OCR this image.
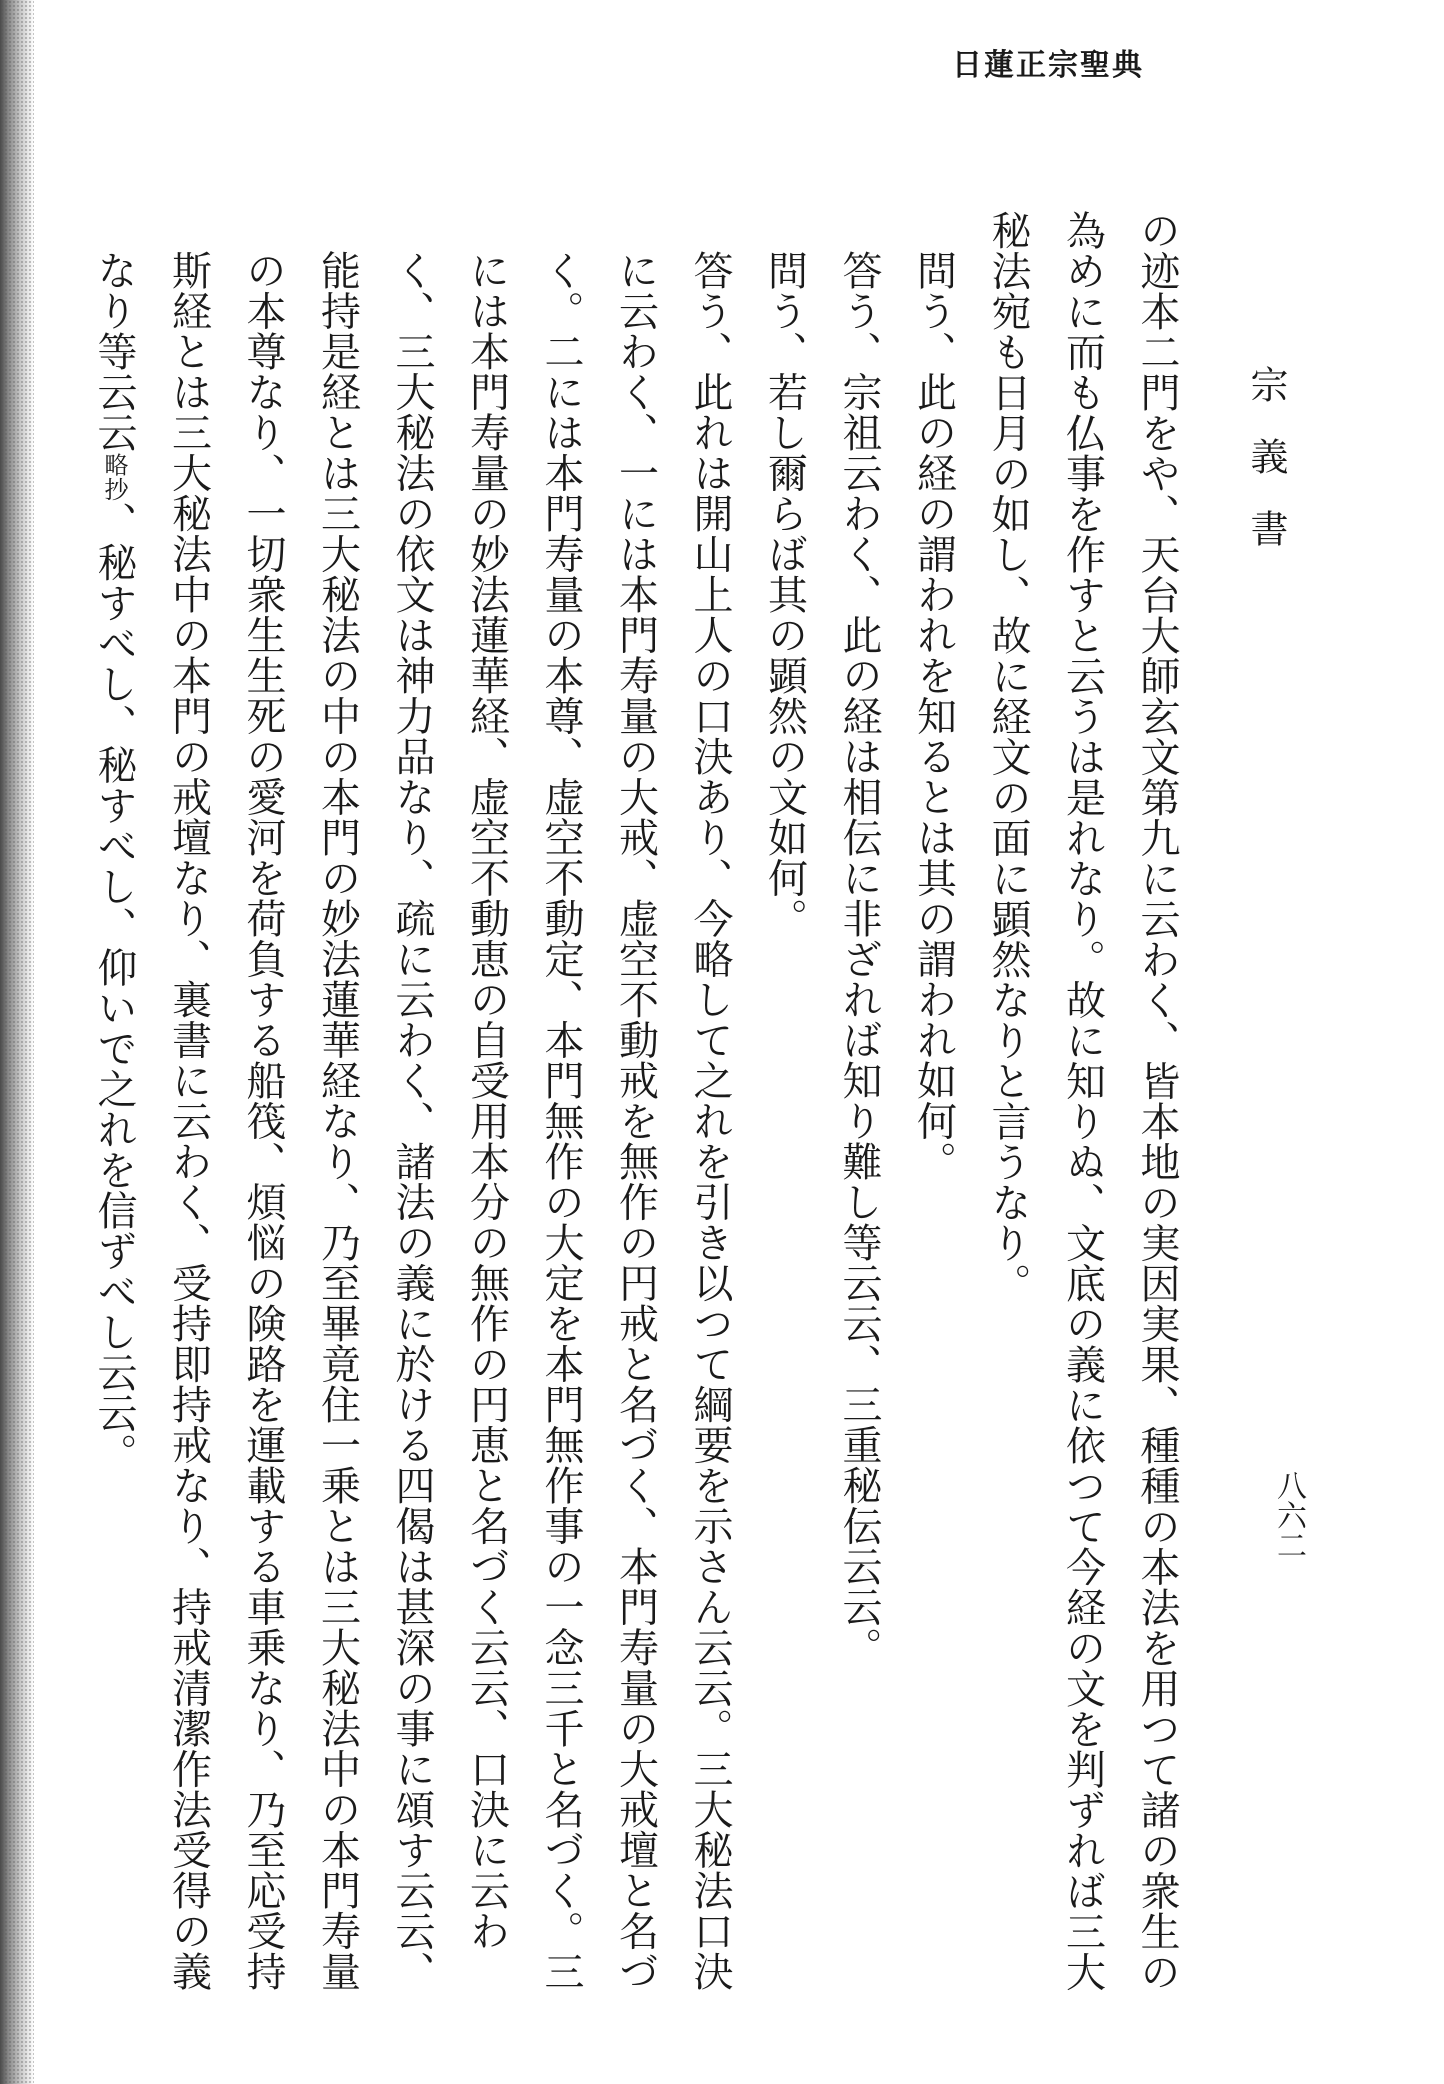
日蓮正宗聖典
宗義書
八六二

の迹本二門をや、天台大師玄文第九に云わく、皆本地の実因実果、種種の本法を用つて諸の衆生の為めに而も仏事を作すと云うは是れなり。故に知りぬ、文底の義に依つて今経の文を判ずれば三大秘法宛も日月の如し、故に経文の面に顕然なりと言うなり。

問う、此の経の謂われを知るとは其の謂われ如何。

答う、宗祖云わく、此の経は相伝に非ざれば知り難し等云云、三重秘伝云云。

問う、若し爾らば其の顕然の文如何。

答う、此れは開山上人の口決あり、今略して之れを引き以つて綱要を示さん云云。三大秘法口決に云わく、一には本門寿量の大戒、虚空不動戒を無作の円戒と名づく、本門寿量の大戒壇と名づく。二には本門寿量の本尊、虚空不動定、本門無作の大定を本門無作事の一念三千と名づく。三には本門寿量の妙法蓮華経、虚空不動恵の自受用本分の無作の円恵と名づく云云、口決に云わく、三大秘法の依文は神力品なり、疏に云わく、諸法の義に於ける四偈は甚深の事に頌す云云、能持是経とは三大秘法の中の本門の妙法蓮華経なり、乃至畢竟住一乗とは三大秘法中の本門寿量の本尊なり、一切衆生生死の愛河を荷負する船筏、煩悩の険路を運載する車乗なり、乃至応受持斯経とは三大秘法中の本門の戒壇なり、裏書に云わく、受持即持戒なり、持戒清潔作法受得の義なり等云云略抄、秘すべし、秘すべし、仰いで之れを信ずべし云云。
